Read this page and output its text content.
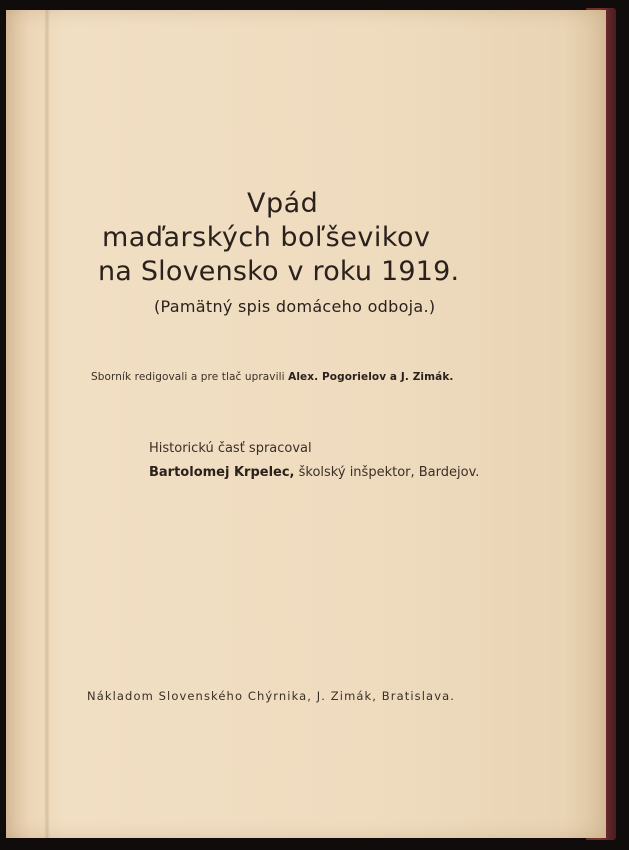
Vpád
maďarských boľševikov
na Slovensko v roku 1919.
(Pamätný spis domáceho odboja.)
Sborník redigovali a pre tlač upravili Alex. Pogorielov a J. Zimák.
Historickú časť spracoval
Bartolomej Krpelec, školský inšpektor, Bardejov.
Nákladom Slovenského Chýrnika, J. Zimák, Bratislava.
